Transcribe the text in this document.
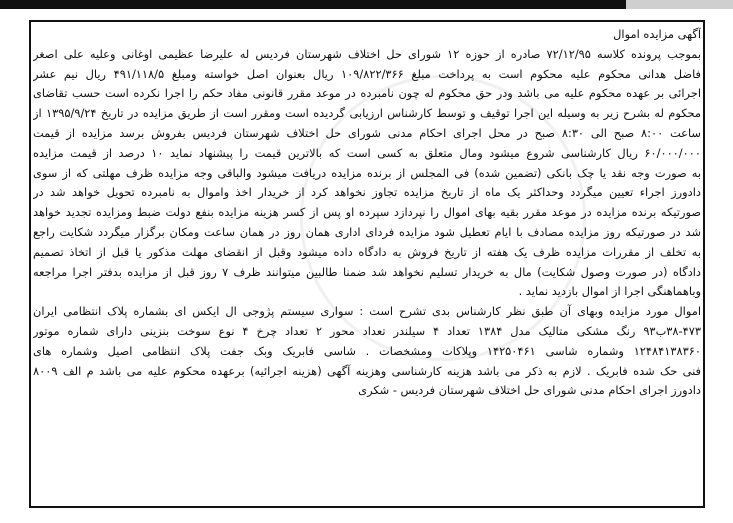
آگهی مزایده اموال
بموجب پرونده کلاسه ۷۲/۱۲/۹۵ صادره از حوزه ۱۲ شورای حل اختلاف شهرستان فردیس له علیرضا عظیمی اوغانی وعلیه علی اصغر
فاضل هدانی محکوم علیه محکوم است به پرداخت مبلغ ۱۰۹/۸۲۲/۳۶۶ ریال بعنوان اصل خواسته ومبلغ ۴۹۱/۱۱۸/۵ ریال نیم عشر
اجرائی بر عهده محکوم علیه می باشد ودر حق محکوم له چون نامبرده در موعد مقرر قانونی مفاد حکم را اجرا نکرده است حسب تقاضای
محکوم له بشرح زیر به وسیله این اجرا توقیف و توسط کارشناس ارزیابی گردیده است ومقرر است از طریق مزایده در تاریخ ۱۳۹۵/۹/۲۴ از
ساعت ۸:۰۰ صبح الی ۸:۳۰ صبح در محل اجرای احکام مدنی شورای حل اختلاف شهرستان فردیس بفروش برسد مزایده از قیمت
۶۰/۰۰۰/۰۰۰ ریال کارشناسی شروع میشود ومال متعلق به کسی است که بالاترین قیمت را پیشنهاد نماید ۱۰ درصد از قیمت مزایده
به صورت وجه نقد یا چک بانکی (تضمین شده) فی المجلس از برنده مزایده دریافت میشود والباقی وجه مزایده ظرف مهلتی که از سوی
دادورز اجراء تعیین میگردد وحداکثر یک ماه از تاریخ مزایده تجاوز نخواهد کرد از خریدار اخذ واموال به نامبرده تحویل خواهد شد در
صورتیکه برنده مزایده در موعد مقرر بقیه بهای اموال را نپردازد سپرده او پس از کسر هزینه مزایده بنفع دولت ضبط ومزایده تجدید خواهد
شد در صورتیکه روز مزایده مصادف با ایام تعطیل شود مزایده فردای اداری همان روز در همان ساعت ومکان برگزار میگردد شکایت راجع
به تخلف از مقررات مزایده ظرف یک هفته از تاریخ فروش به دادگاه داده میشود وقبل از انقضای مهلت مذکور یا قبل از اتخاذ تصمیم
دادگاه (در صورت وصول شکایت) مال به خریدار تسلیم نخواهد شد ضمنا طالبین میتوانند ظرف ۷ روز قبل از مزایده بدفتر اجرا مراجعه
وباهماهنگی اجرا از اموال بازدید نماید .
اموال مورد مزایده وبهای آن طبق نظر کارشناس بدی تشرح است : سواری سیستم پژوجی ال ایکس ای بشماره پلاک انتظامی ایران
۳۸-۴۷۳ب۹۳ رنگ مشکی متالیک مدل ۱۳۸۴ تعداد ۴ سیلندر تعداد محور ۲ تعداد چرخ ۴ نوع سوخت بنزینی دارای شماره موتور
۱۲۴۸۴۱۳۸۳۶۰ وشماره شاسی ۱۴۲۵۰۴۶۱ وپلاکات ومشخصات . شاسی فابریک وبک جفت پلاک انتظامی اصیل وشماره های
فنی حک شده فابریک . لازم به ذکر می باشد هزینه کارشناسی وهزینه آگهی (هزینه اجرائیه) برعهده محکوم علیه می باشد م الف ۸۰۰۹
دادورز اجرای احکام مدنی شورای حل اختلاف شهرستان فردیس - شکری
